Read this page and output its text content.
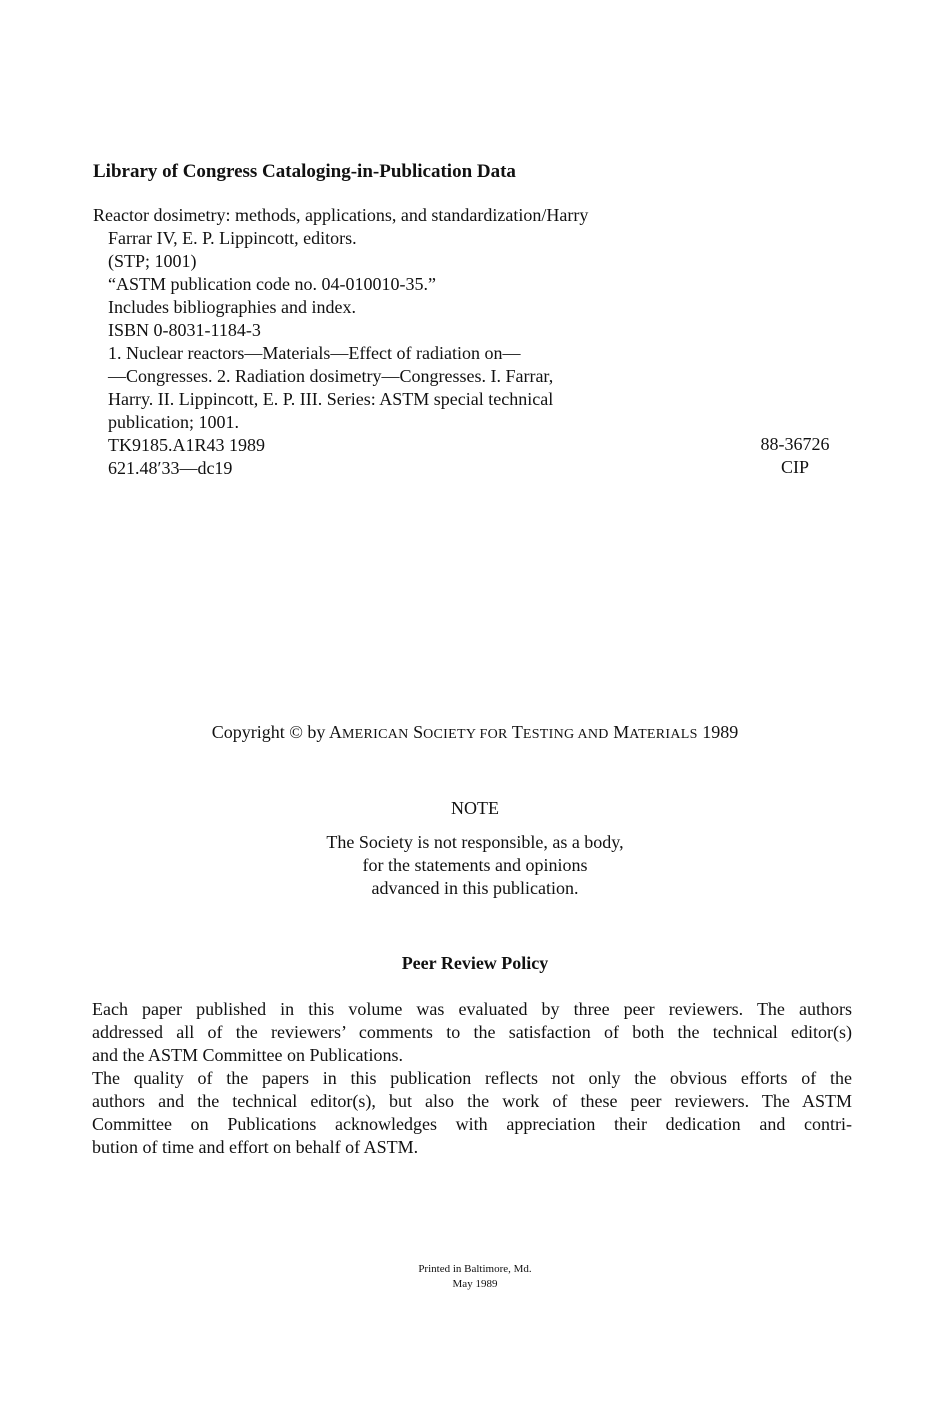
Library of Congress Cataloging-in-Publication Data
Reactor dosimetry: methods, applications, and standardization/Harry
Farrar IV, E. P. Lippincott, editors.
(STP; 1001)
“ASTM publication code no. 04-010010-35.”
Includes bibliographies and index.
ISBN 0-8031-1184-3
1. Nuclear reactors—Materials—Effect of radiation on—
—Congresses. 2. Radiation dosimetry—Congresses. I. Farrar,
Harry. II. Lippincott, E. P. III. Series: ASTM special technical
publication; 1001.
TK9185.A1R43 1989
621.48′33—dc19
88-36726
CIP
Copyright © by AMERICAN SOCIETY FOR TESTING AND MATERIALS 1989
NOTE
The Society is not responsible, as a body,
for the statements and opinions
advanced in this publication.
Peer Review Policy
Each paper published in this volume was evaluated by three peer reviewers. The authors
addressed all of the reviewers’ comments to the satisfaction of both the technical editor(s)
and the ASTM Committee on Publications.
The quality of the papers in this publication reflects not only the obvious efforts of the
authors and the technical editor(s), but also the work of these peer reviewers. The ASTM
Committee on Publications acknowledges with appreciation their dedication and contri-
bution of time and effort on behalf of ASTM.
Printed in Baltimore, Md.
May 1989
